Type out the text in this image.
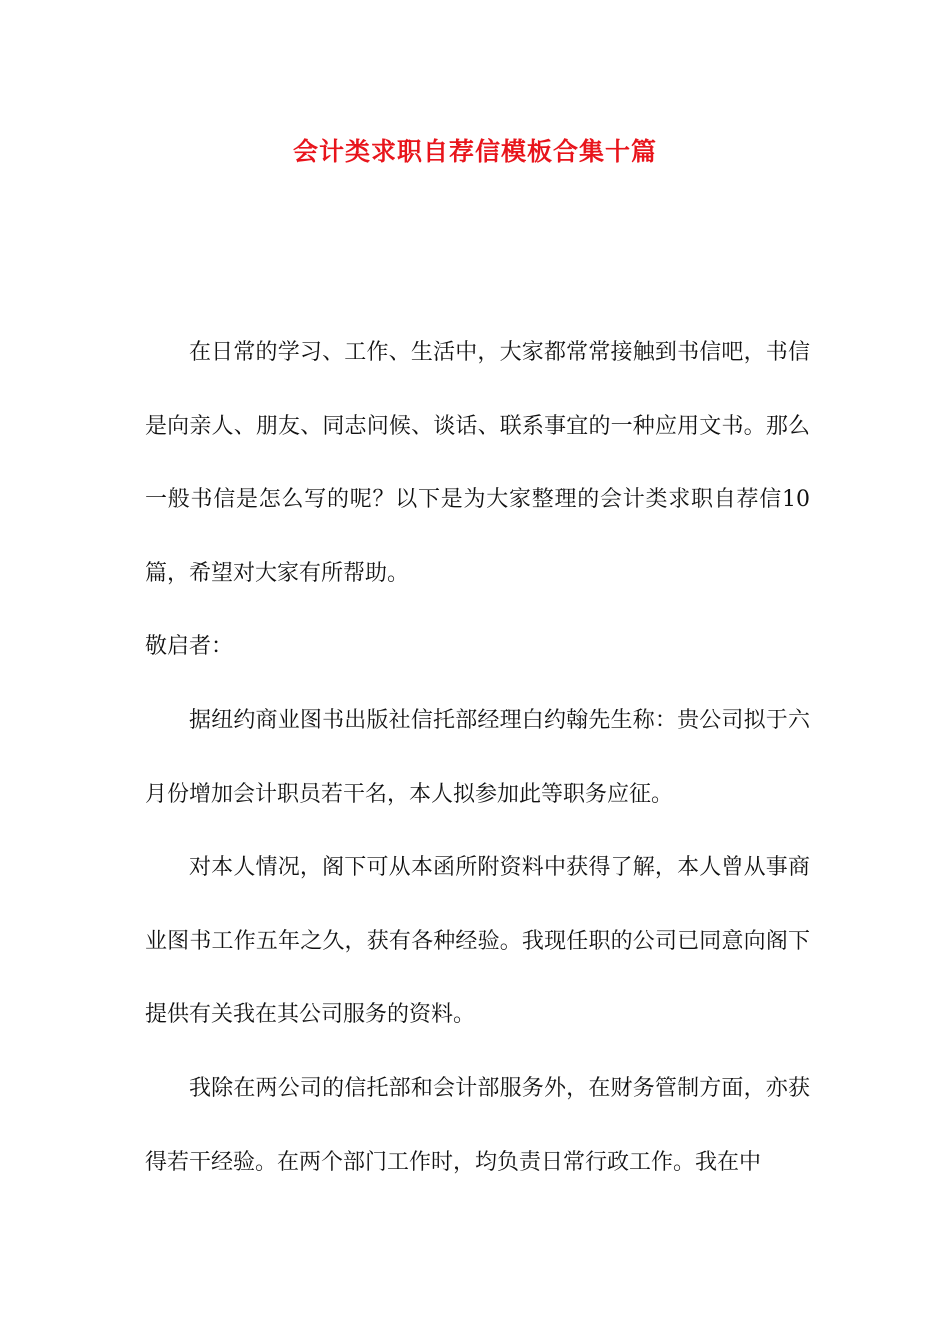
会计类求职自荐信模板合集十篇

在日常的学习、工作、生活中，大家都常常接触到书信吧，书信是向亲人、朋友、同志问候、谈话、联系事宜的一种应用文书。那么一般书信是怎么写的呢？以下是为大家整理的会计类求职自荐信10篇，希望对大家有所帮助。

敬启者：

据纽约商业图书出版社信托部经理白约翰先生称：贵公司拟于六月份增加会计职员若干名，本人拟参加此等职务应征。

对本人情况，阁下可从本函所附资料中获得了解，本人曾从事商业图书工作五年之久，获有各种经验。我现任职的公司已同意向阁下提供有关我在其公司服务的资料。

我除在两公司的信托部和会计部服务外，在财务管制方面，亦获得若干经验。在两个部门工作时，均负责日常行政工作。我在中
